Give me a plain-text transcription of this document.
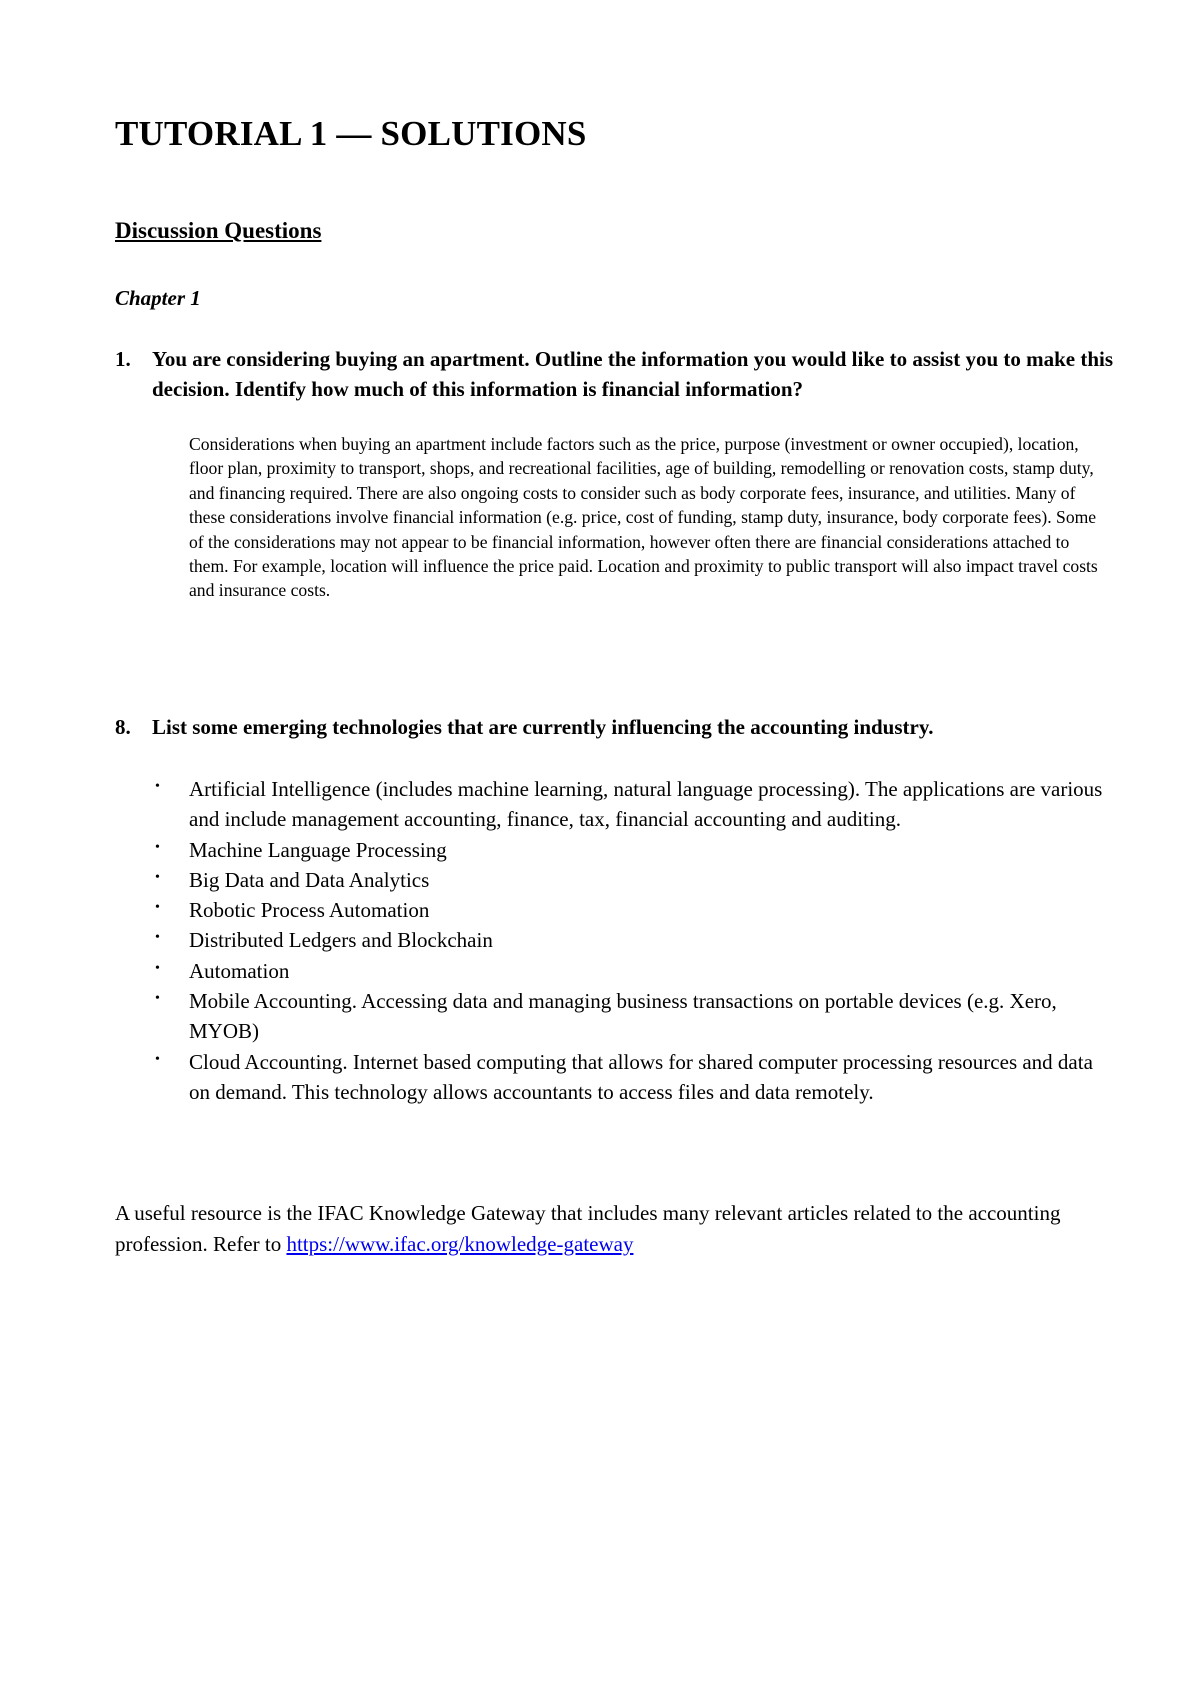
TUTORIAL 1 — SOLUTIONS
Discussion Questions

Chapter 1

1.	You are considering buying an apartment. Outline the information you would like to assist you to make this decision. Identify how much of this information is financial information?

Considerations when buying an apartment include factors such as the price, purpose (investment or owner occupied), location, floor plan, proximity to transport, shops, and recreational facilities, age of building, remodelling or renovation costs, stamp duty, and financing required. There are also ongoing costs to consider such as body corporate fees, insurance, and utilities. Many of these considerations involve financial information (e.g. price, cost of funding, stamp duty, insurance, body corporate fees). Some of the considerations may not appear to be financial information, however often there are financial considerations attached to them. For example, location will influence the price paid. Location and proximity to public transport will also impact travel costs and insurance costs.

8.	List some emerging technologies that are currently influencing the accounting industry.
•	Artificial Intelligence (includes machine learning, natural language processing). The applications are various and include management accounting, finance, tax, financial accounting and auditing.
•	Machine Language Processing
•	Big Data and Data Analytics
•	Robotic Process Automation
•	Distributed Ledgers and Blockchain
•	Automation
•	Mobile Accounting. Accessing data and managing business transactions on portable devices (e.g. Xero, MYOB)
•	Cloud Accounting. Internet based computing that allows for shared computer processing resources and data on demand. This technology allows accountants to access files and data remotely.

A useful resource is the IFAC Knowledge Gateway that includes many relevant articles related to the accounting profession. Refer to https://www.ifac.org/knowledge-gateway
